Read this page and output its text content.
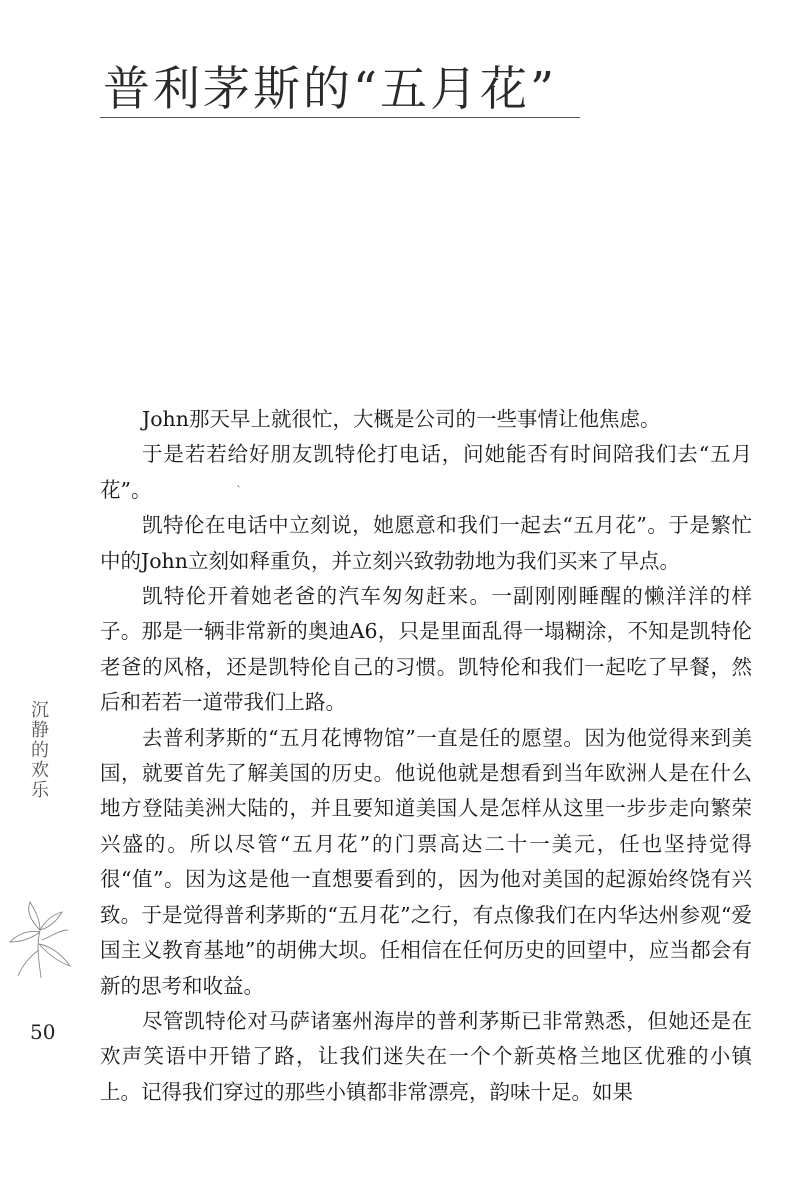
普利茅斯的“五月花”

John那天早上就很忙，大概是公司的一些事情让他焦虑。

于是若若给好朋友凯特伦打电话，问她能否有时间陪我们去“五月花”。

凯特伦在电话中立刻说，她愿意和我们一起去“五月花”。于是繁忙中的John立刻如释重负，并立刻兴致勃勃地为我们买来了早点。

凯特伦开着她老爸的汽车匆匆赶来。一副刚刚睡醒的懒洋洋的样子。那是一辆非常新的奥迪A6，只是里面乱得一塌糊涂，不知是凯特伦老爸的风格，还是凯特伦自己的习惯。凯特伦和我们一起吃了早餐，然后和若若一道带我们上路。

去普利茅斯的“五月花博物馆”一直是任的愿望。因为他觉得来到美国，就要首先了解美国的历史。他说他就是想看到当年欧洲人是在什么地方登陆美洲大陆的，并且要知道美国人是怎样从这里一步步走向繁荣兴盛的。所以尽管“五月花”的门票高达二十一美元，任也坚持觉得很“值”。因为这是他一直想要看到的，因为他对美国的起源始终饶有兴致。于是觉得普利茅斯的“五月花”之行，有点像我们在内华达州参观“爱国主义教育基地”的胡佛大坝。任相信在任何历史的回望中，应当都会有新的思考和收益。

尽管凯特伦对马萨诸塞州海岸的普利茅斯已非常熟悉，但她还是在欢声笑语中开错了路，让我们迷失在一个个新英格兰地区优雅的小镇上。记得我们穿过的那些小镇都非常漂亮，韵味十足。如果

ˋ
沉静的欢乐
50
